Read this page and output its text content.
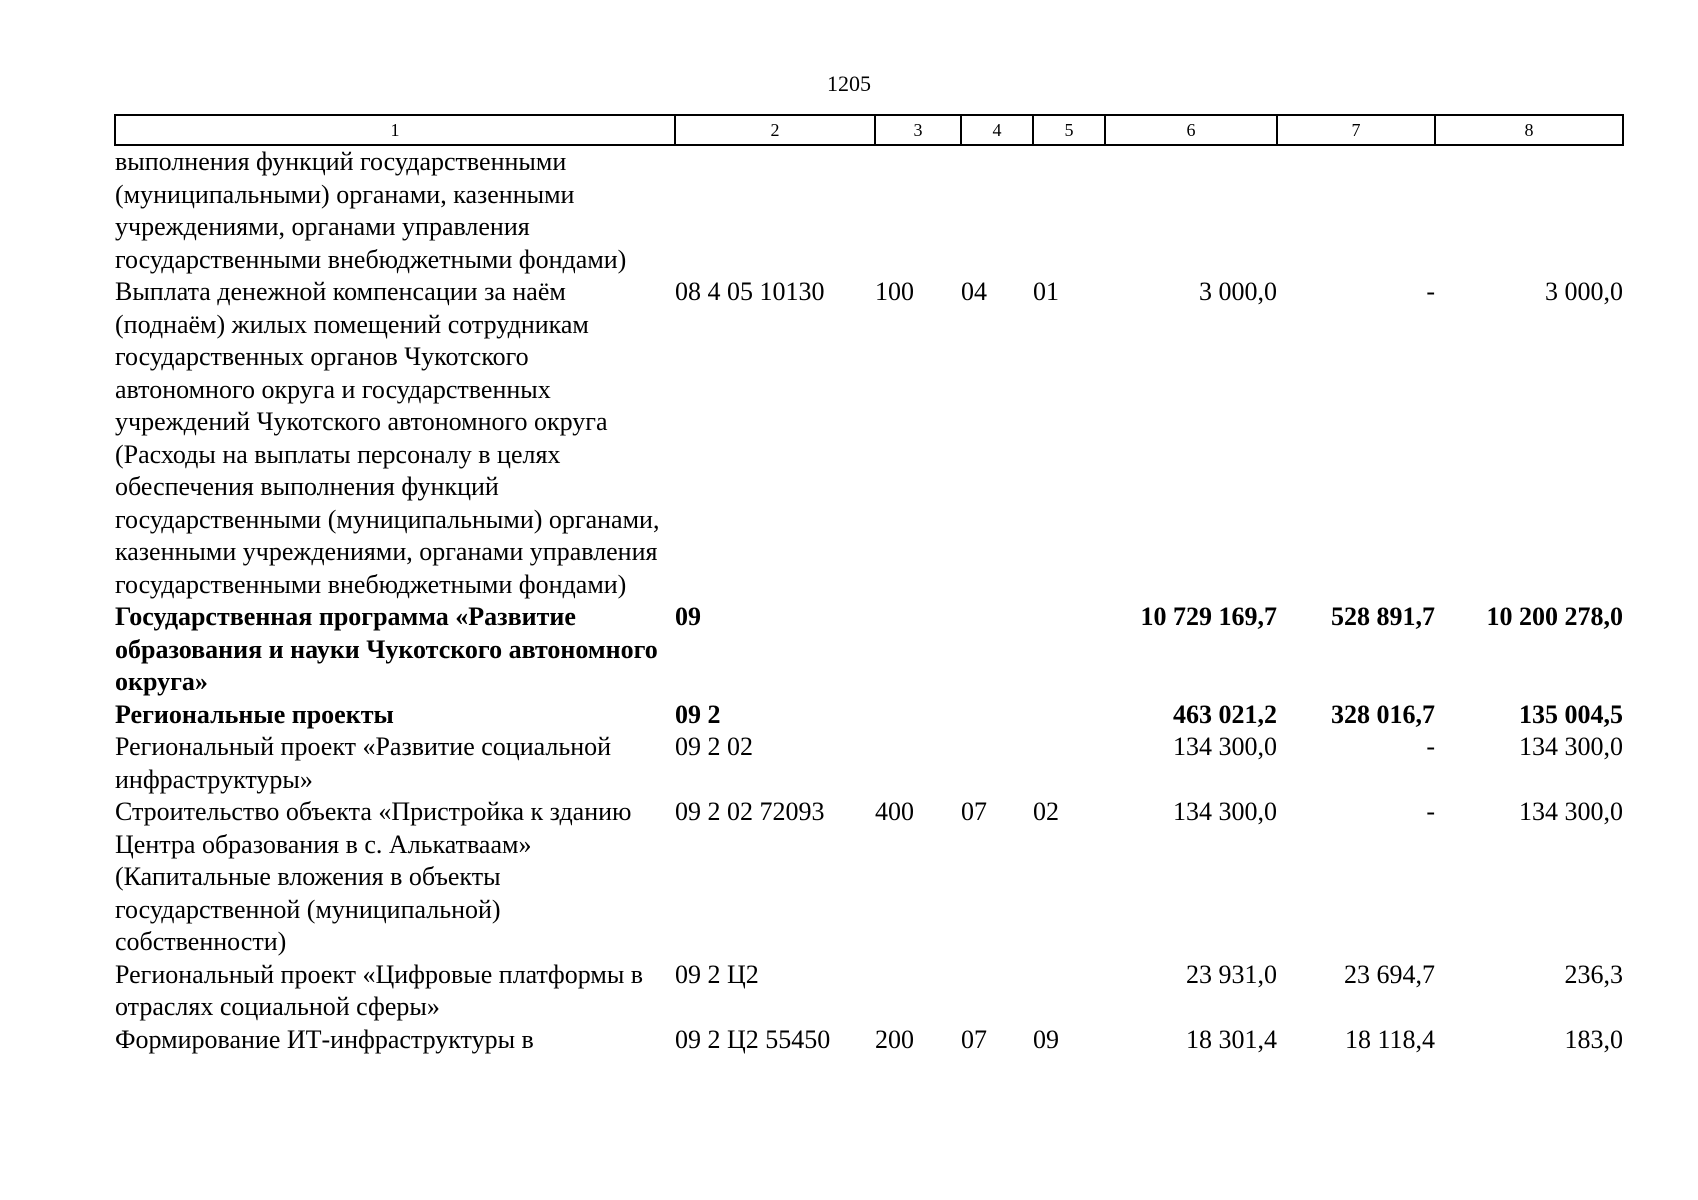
1205
1	2	3	4	5	6	7	8
выполнения функций государственными (муниципальными) органами, казенными учреждениями, органами управления государственными внебюджетными фондами)							
Выплата денежной компенсации за наём (поднаём) жилых помещений сотрудникам государственных органов Чукотского автономного округа и государственных учреждений Чукотского автономного округа (Расходы на выплаты персоналу в целях обеспечения выполнения функций государственными (муниципальными) органами, казенными учреждениями, органами управления государственными внебюджетными фондами)	08 4 05 10130	100	04	01	3 000,0	-	3 000,0
Государственная программа «Развитие образования и науки Чукотского автономного округа»	09				10 729 169,7	528 891,7	10 200 278,0
Региональные проекты	09 2				463 021,2	328 016,7	135 004,5
Региональный проект «Развитие социальной инфраструктуры»	09 2 02				134 300,0	-	134 300,0
Строительство объекта «Пристройка к зданию Центра образования в с. Алькатваам» (Капитальные вложения в объекты государственной (муниципальной) собственности)	09 2 02 72093	400	07	02	134 300,0	-	134 300,0
Региональный проект «Цифровые платформы в отраслях социальной сферы»	09 2 Ц2				23 931,0	23 694,7	236,3
Формирование ИТ-инфраструктуры в	09 2 Ц2 55450	200	07	09	18 301,4	18 118,4	183,0
